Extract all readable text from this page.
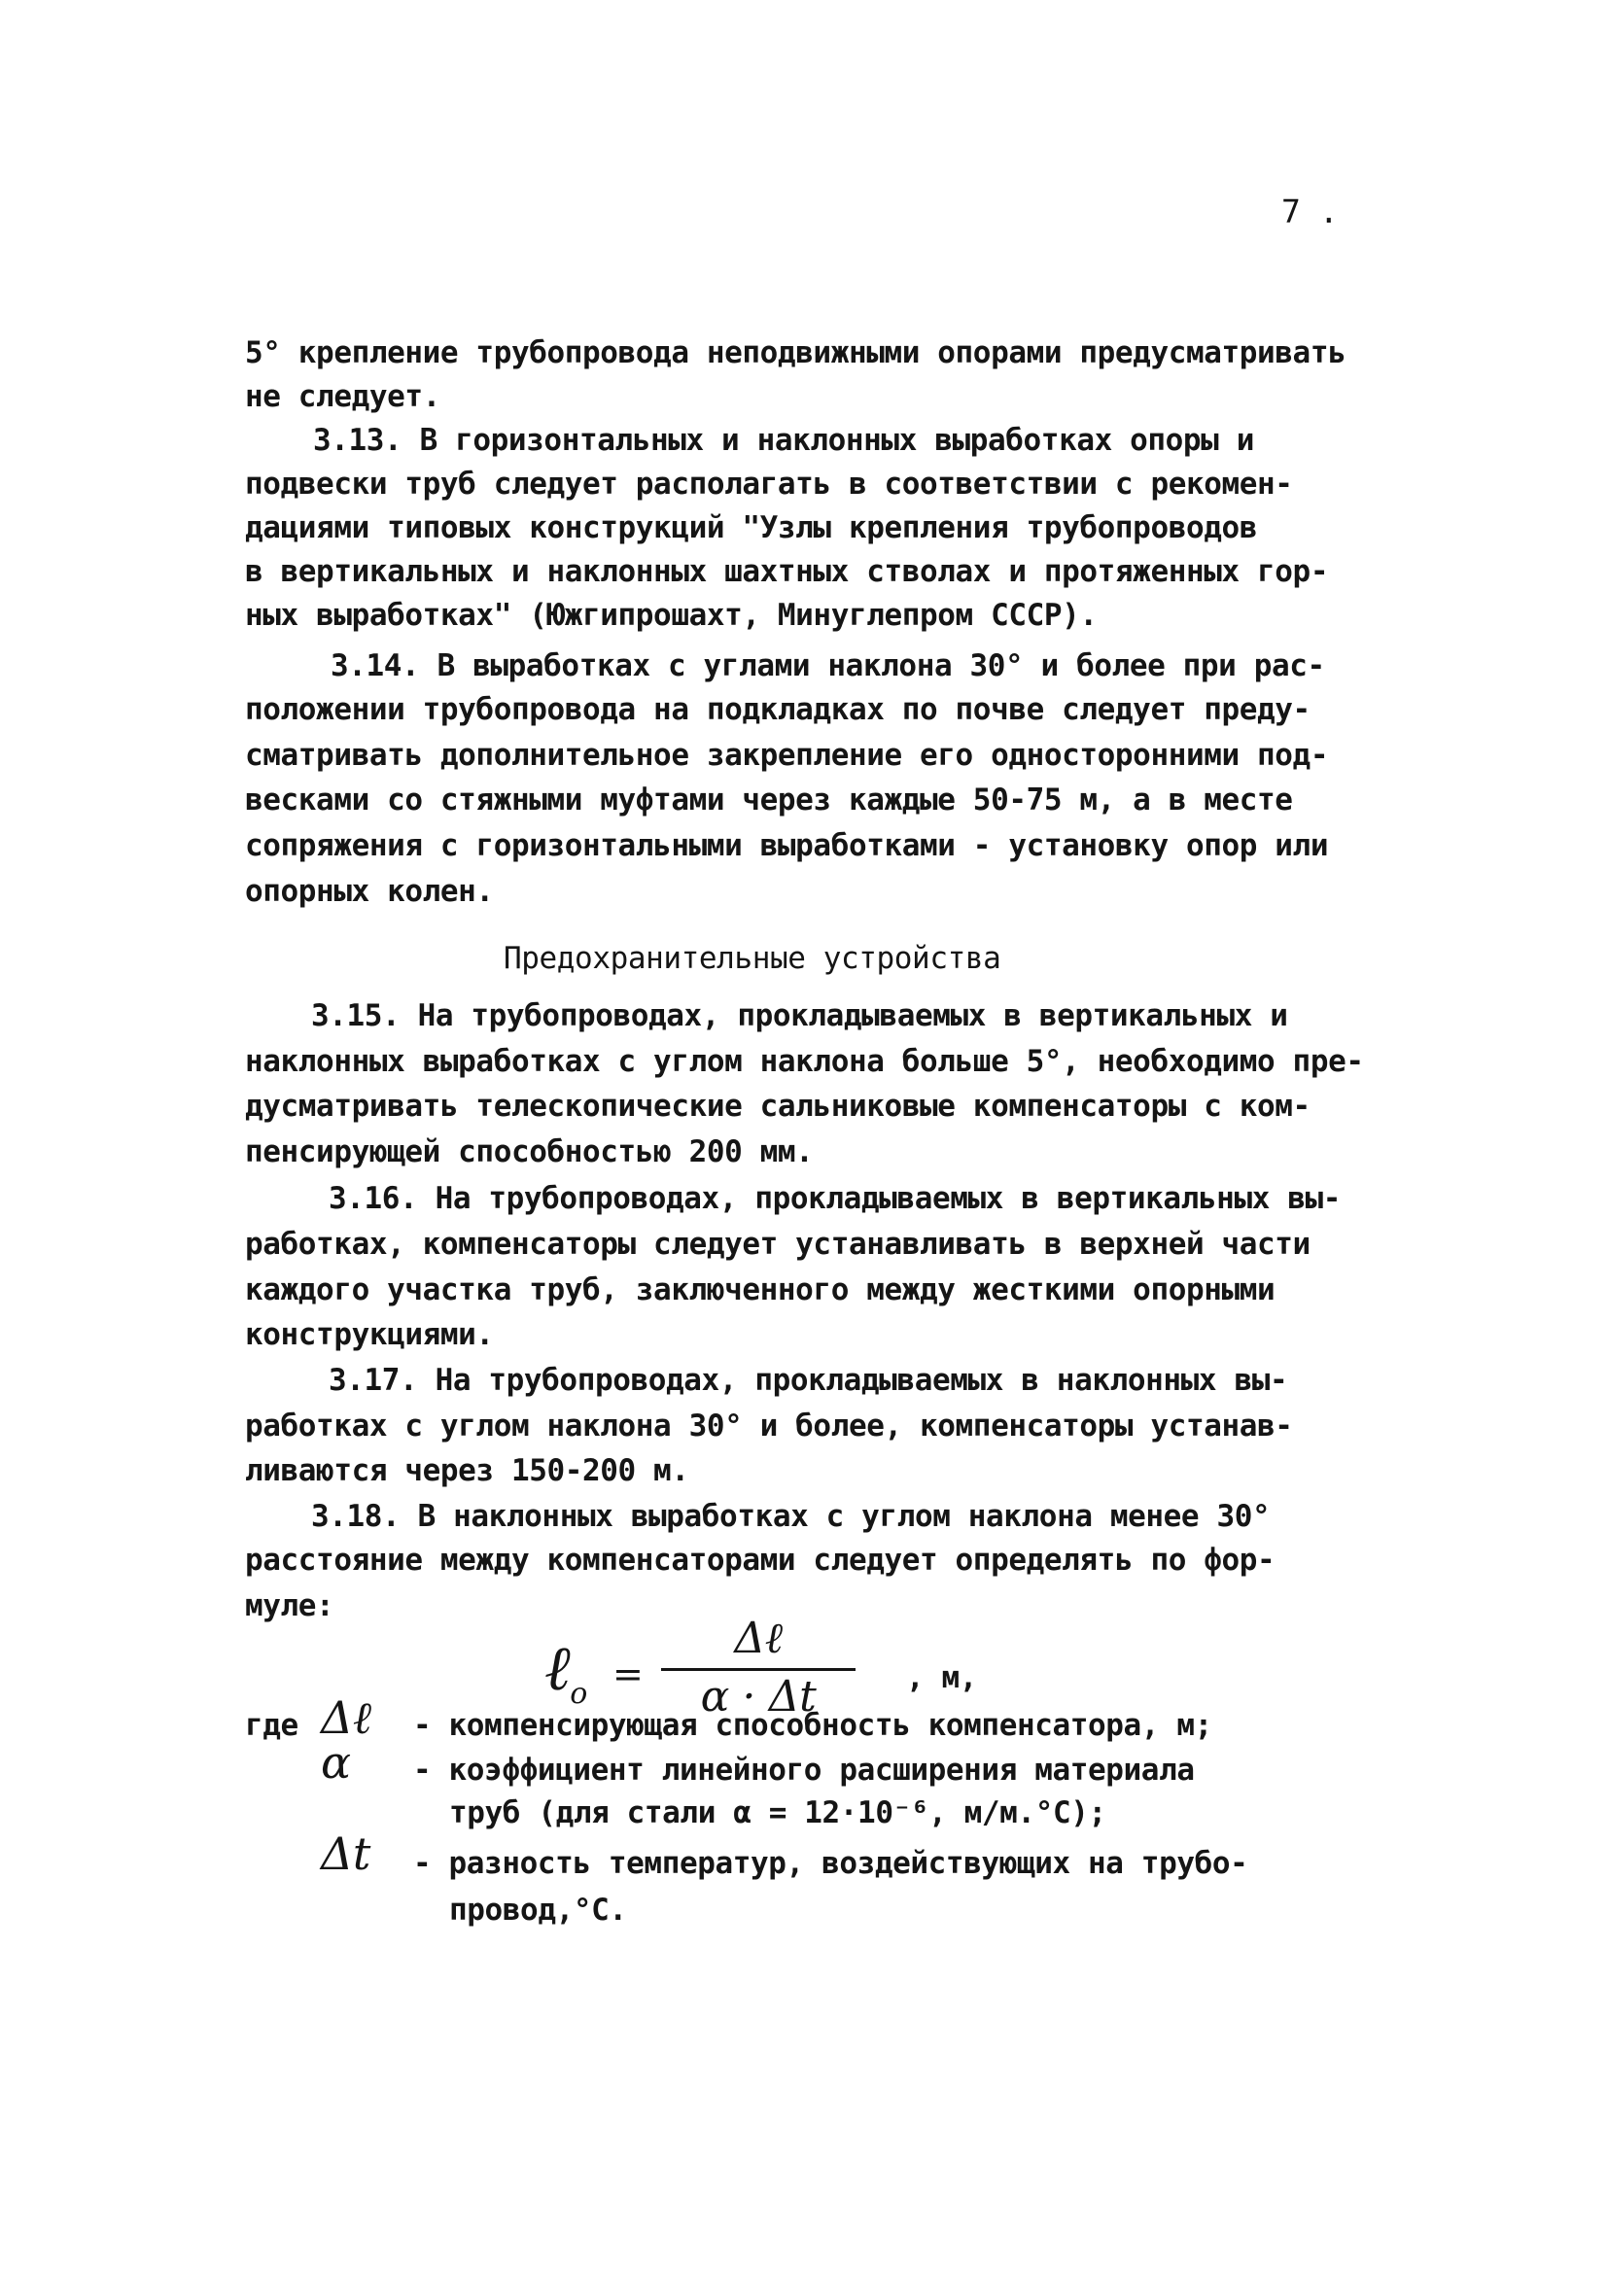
7 .
5° крепление трубопровода неподвижными опорами предусматривать
не следует.
3.13. В горизонтальных и наклонных выработках опоры и
подвески труб следует располагать в соответствии с рекомен-
дациями типовых конструкций "Узлы крепления трубопроводов
в вертикальных и наклонных шахтных стволах и протяженных гор-
ных выработках" (Южгипрошахт, Минуглепром СССР).
3.14. В выработках с углами наклона 30° и более при рас-
положении трубопровода на подкладках по почве следует преду-
сматривать дополнительное закрепление его односторонними под-
весками со стяжными муфтами через каждые 50-75 м, а в месте
сопряжения с горизонтальными выработками - установку опор или
опорных колен.
3.15. На трубопроводах, прокладываемых в вертикальных и
наклонных выработках с углом наклона больше 5°, необходимо пре-
дусматривать телескопические сальниковые компенсаторы с ком-
пенсирующей способностью 200 мм.
3.16. На трубопроводах, прокладываемых в вертикальных вы-
работках, компенсаторы следует устанавливать в верхней части
каждого участка труб, заключенного между жесткими опорными
конструкциями.
3.17. На трубопроводах, прокладываемых в наклонных вы-
работках с углом наклона 30° и более, компенсаторы устанав-
ливаются через 150-200 м.
3.18. В наклонных выработках с углом наклона менее 30°
расстояние между компенсаторами следует определять по фор-
муле:
где	- компенсирующая способность компенсатора, м;
- коэффициент линейного расширения материала
труб (для стали α = 12·10⁻⁶, м/м.°С);
- разность температур, воздействующих на трубо-
провод,°С.
Предохранительные устройства
ℓ$_o$ =
Δℓ
α · Δt	, м,
Δℓ
α
Δt
